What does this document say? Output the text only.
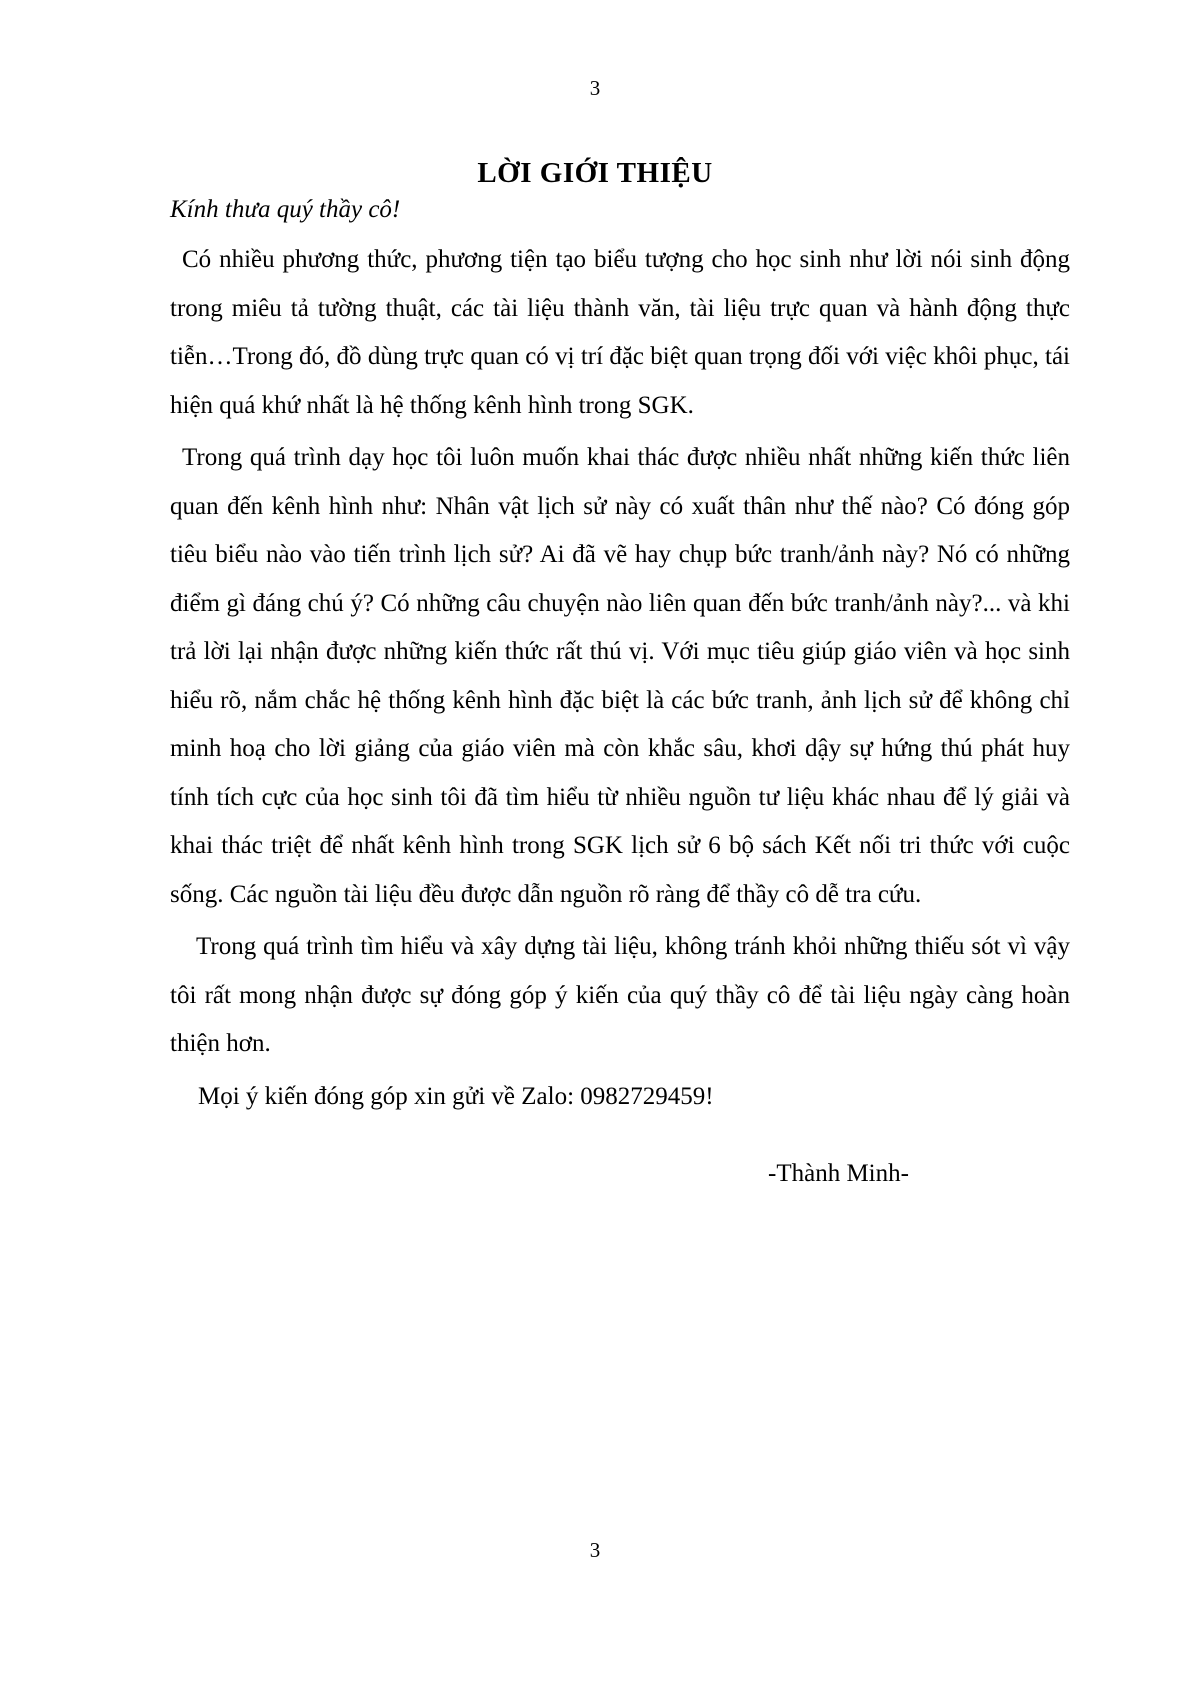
3
LỜI GIỚI THIỆU
Kính thưa quý thầy cô!

Có nhiều phương thức, phương tiện tạo biểu tượng cho học sinh như lời nói sinh động trong miêu tả tường thuật, các tài liệu thành văn, tài liệu trực quan và hành động thực tiễn…Trong đó, đồ dùng trực quan có vị trí đặc biệt quan trọng đối với việc khôi phục, tái hiện quá khứ nhất là hệ thống kênh hình trong SGK.

Trong quá trình dạy học tôi luôn muốn khai thác được nhiều nhất những kiến thức liên quan đến kênh hình như: Nhân vật lịch sử này có xuất thân như thế nào? Có đóng góp tiêu biểu nào vào tiến trình lịch sử? Ai đã vẽ hay chụp bức tranh/ảnh này? Nó có những điểm gì đáng chú ý? Có những câu chuyện nào liên quan đến bức tranh/ảnh này?... và khi trả lời lại nhận được những kiến thức rất thú vị. Với mục tiêu giúp giáo viên và học sinh hiểu rõ, nắm chắc hệ thống kênh hình đặc biệt là các bức tranh, ảnh lịch sử để không chỉ minh hoạ cho lời giảng của giáo viên mà còn khắc sâu, khơi dậy sự hứng thú phát huy tính tích cực của học sinh tôi đã tìm hiểu từ nhiều nguồn tư liệu khác nhau để lý giải và khai thác triệt để nhất kênh hình trong SGK lịch sử 6 bộ sách Kết nối tri thức với cuộc sống. Các nguồn tài liệu đều được dẫn nguồn rõ ràng để thầy cô dễ tra cứu.

Trong quá trình tìm hiểu và xây dựng tài liệu, không tránh khỏi những thiếu sót vì vậy tôi rất mong nhận được sự đóng góp ý kiến của quý thầy cô để tài liệu ngày càng hoàn thiện hơn.

Mọi ý kiến đóng góp xin gửi về Zalo: 0982729459!

-Thành Minh-
3
